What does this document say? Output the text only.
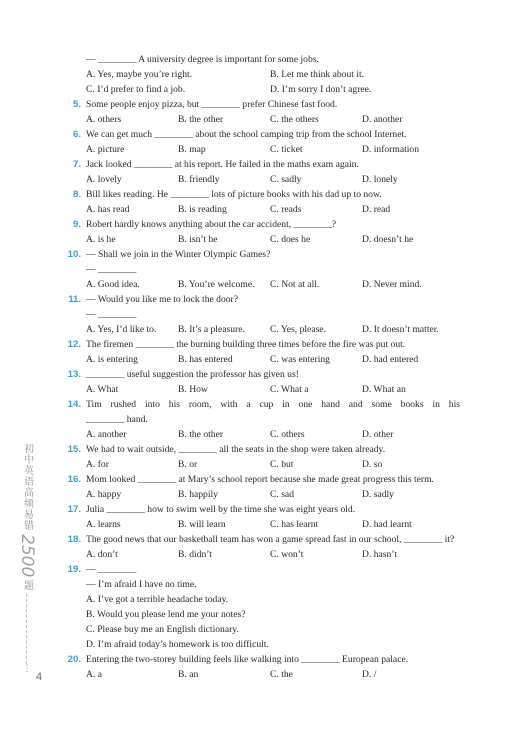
初中英语高频易错
2500
题
⋮
4
— ________ A university degree is important for some jobs.
A. Yes, maybe you’re right.	B. Let me think about it.
C. I’d prefer to find a job.	D. I’m sorry I don’t agree.
5. Some people enjoy pizza, but ________ prefer Chinese fast food.
A. others	B. the other	C. the others	D. another
6. We can get much ________ about the school camping trip from the school Internet.
A. picture	B. map	C. ticket	D. information
7. Jack looked ________ at his report. He failed in the maths exam again.
A. lovely	B. friendly	C. sadly	D. lonely
8. Bill likes reading. He ________ lots of picture books with his dad up to now.
A. has read	B. is reading	C. reads	D. read
9. Robert hardly knows anything about the car accident, ________?
A. is he	B. isn’t he	C. does he	D. doesn’t he
10. — Shall we join in the Winter Olympic Games?
— ________
A. Good idea.	B. You’re welcome.	C. Not at all.	D. Never mind.
11. — Would you like me to lock the door?
— ________
A. Yes, I’d like to.	B. It’s a pleasure.	C. Yes, please.	D. It doesn’t matter.
12. The firemen ________ the burning building three times before the fire was put out.
A. is entering	B. has entered	C. was entering	D. had entered
13. ________ useful suggestion the professor has given us!
A. What	B. How	C. What a	D. What an
14. Tim rushed into his room, with a cup in one hand and some books in his
________ hand.
A. another	B. the other	C. others	D. other
15. We had to wait outside, ________ all the seats in the shop were taken already.
A. for	B. or	C. but	D. so
16. Mom looked ________ at Mary’s school report because she made great progress this term.
A. happy	B. happily	C. sad	D. sadly
17. Julia ________ how to swim well by the time she was eight years old.
A. learns	B. will learn	C. has learnt	D. had learnt
18. The good news that our basketball team has won a game spread fast in our school, ________ it?
A. don’t	B. didn’t	C. won’t	D. hasn’t
19. — ________
— I’m afraid I have no time.
A. I’ve got a terrible headache today.
B. Would you please lend me your notes?
C. Please buy me an English dictionary.
D. I’m afraid today’s homework is too difficult.
20. Entering the two-storey building feels like walking into ________ European palace.
A. a	B. an	C. the	D. /
